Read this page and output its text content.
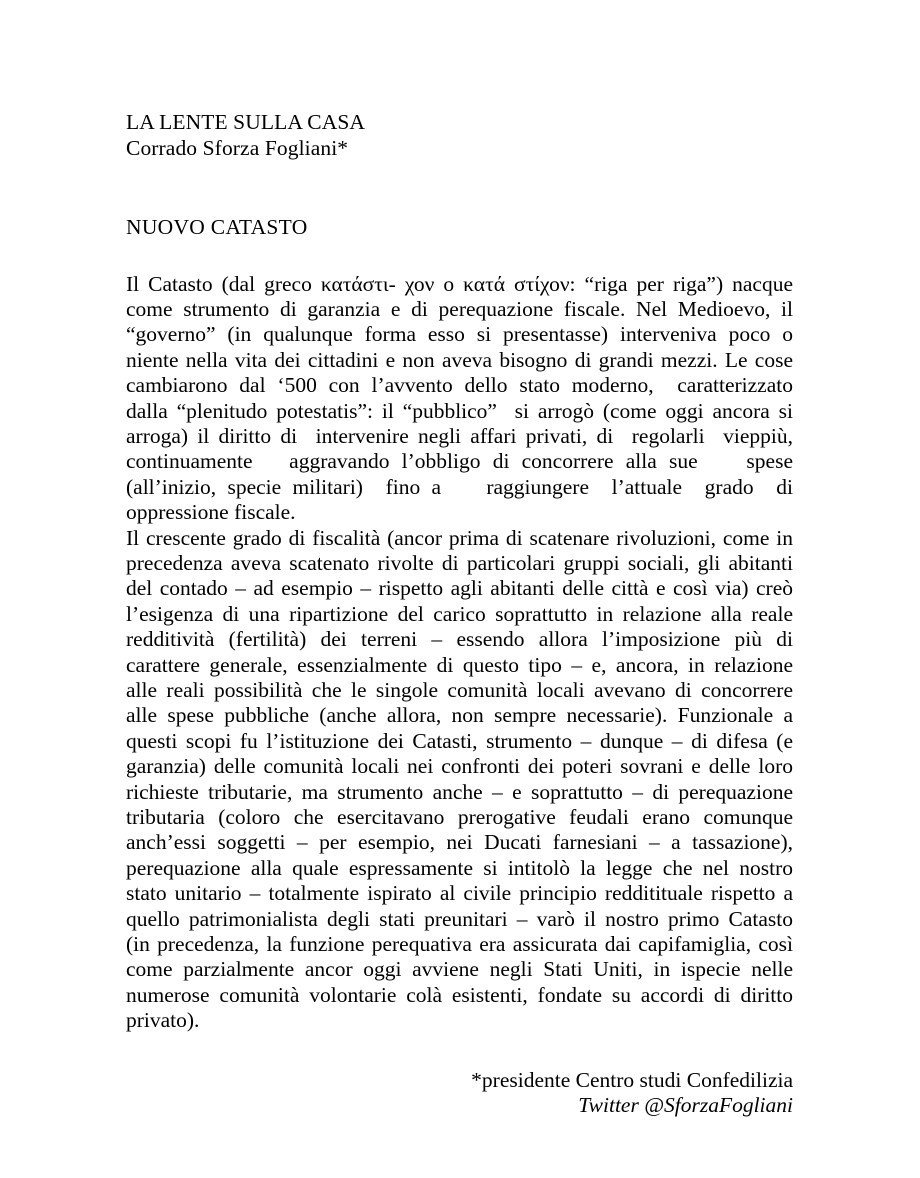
LA LENTE SULLA CASA
Corrado Sforza Fogliani*
NUOVO CATASTO
Il Catasto (dal greco κατάστι- χον ο κατά στίχον: “riga per riga”) nacque
come strumento di garanzia e di perequazione fiscale. Nel Medioevo, il
“governo” (in qualunque forma esso si presentasse) interveniva poco o
niente nella vita dei cittadini e non aveva bisogno di grandi mezzi. Le cose
cambiarono dal ‘500 con l’avvento dello stato moderno,  caratterizzato
dalla “plenitudo potestatis”: il “pubblico”  si arrogò (come oggi ancora si
arroga) il diritto di  intervenire negli affari privati, di  regolarli  vieppiù,
continuamente   aggravando l’obbligo di concorrere alla sue    spese
(all’inizio, specie militari)  fino a    raggiungere  l’attuale  grado  di
oppressione fiscale.
Il crescente grado di fiscalità (ancor prima di scatenare rivoluzioni, come in
precedenza aveva scatenato rivolte di particolari gruppi sociali, gli abitanti
del contado – ad esempio – rispetto agli abitanti delle città e così via) creò
l’esigenza di una ripartizione del carico soprattutto in relazione alla reale
redditività (fertilità) dei terreni – essendo allora l’imposizione più di
carattere generale, essenzialmente di questo tipo – e, ancora, in relazione
alle reali possibilità che le singole comunità locali avevano di concorrere
alle spese pubbliche (anche allora, non sempre necessarie). Funzionale a
questi scopi fu l’istituzione dei Catasti, strumento – dunque – di difesa (e
garanzia) delle comunità locali nei confronti dei poteri sovrani e delle loro
richieste tributarie, ma strumento anche – e soprattutto – di perequazione
tributaria (coloro che esercitavano prerogative feudali erano comunque
anch’essi soggetti – per esempio, nei Ducati farnesiani – a tassazione),
perequazione alla quale espressamente si intitolò la legge che nel nostro
stato unitario – totalmente ispirato al civile principio redditituale rispetto a
quello patrimonialista degli stati preunitari – varò il nostro primo Catasto
(in precedenza, la funzione perequativa era assicurata dai capifamiglia, così
come parzialmente ancor oggi avviene negli Stati Uniti, in ispecie nelle
numerose comunità volontarie colà esistenti, fondate su accordi di diritto
privato).
*presidente Centro studi Confedilizia
Twitter @SforzaFogliani
